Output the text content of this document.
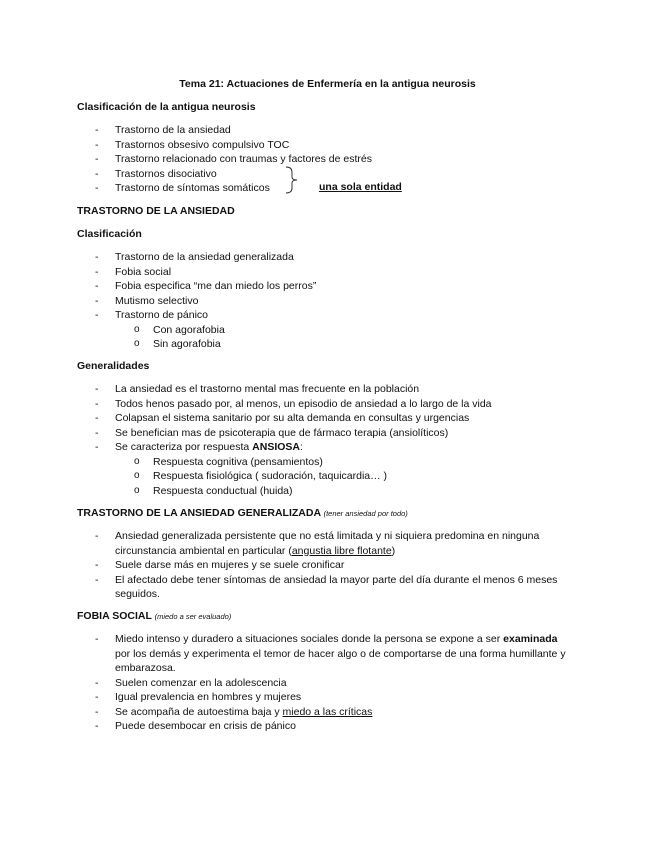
Tema 21: Actuaciones de Enfermería en la antigua neurosis
Clasificación de la antigua neurosis
- Trastorno de la ansiedad
- Trastornos obsesivo compulsivo TOC
- Trastorno relacionado con traumas y factores de estrés
- Trastornos disociativo
- Trastorno de síntomas somáticos	una sola entidad
TRASTORNO DE LA ANSIEDAD
Clasificación
- Trastorno de la ansiedad generalizada
- Fobia social
- Fobia especifica “me dan miedo los perros”
- Mutismo selectivo
- Trastorno de pánico
o Con agorafobia
o Sin agorafobia
Generalidades
- La ansiedad es el trastorno mental mas frecuente en la población
- Todos henos pasado por, al menos, un episodio de ansiedad a lo largo de la vida
- Colapsan el sistema sanitario por su alta demanda en consultas y urgencias
- Se benefician mas de psicoterapia que de fármaco terapia (ansiolíticos)
- Se caracteriza por respuesta ANSIOSA:
o Respuesta cognitiva (pensamientos)
o Respuesta fisiológica ( sudoración, taquicardia… )
o Respuesta conductual (huida)
TRASTORNO DE LA ANSIEDAD GENERALIZADA (tener ansiedad por todo)
- Ansiedad generalizada persistente que no está limitada y ni siquiera predomina en ninguna circunstancia ambiental en particular (angustia libre flotante)
- Suele darse más en mujeres y se suele cronificar
- El afectado debe tener síntomas de ansiedad la mayor parte del día durante el menos 6 meses seguidos.
FOBIA SOCIAL (miedo a ser evaluado)
- Miedo intenso y duradero a situaciones sociales donde la persona se expone a ser examinada por los demás y experimenta el temor de hacer algo o de comportarse de una forma humillante y embarazosa.
- Suelen comenzar en la adolescencia
- Igual prevalencia en hombres y mujeres
- Se acompaña de autoestima baja y miedo a las críticas
- Puede desembocar en crisis de pánico
